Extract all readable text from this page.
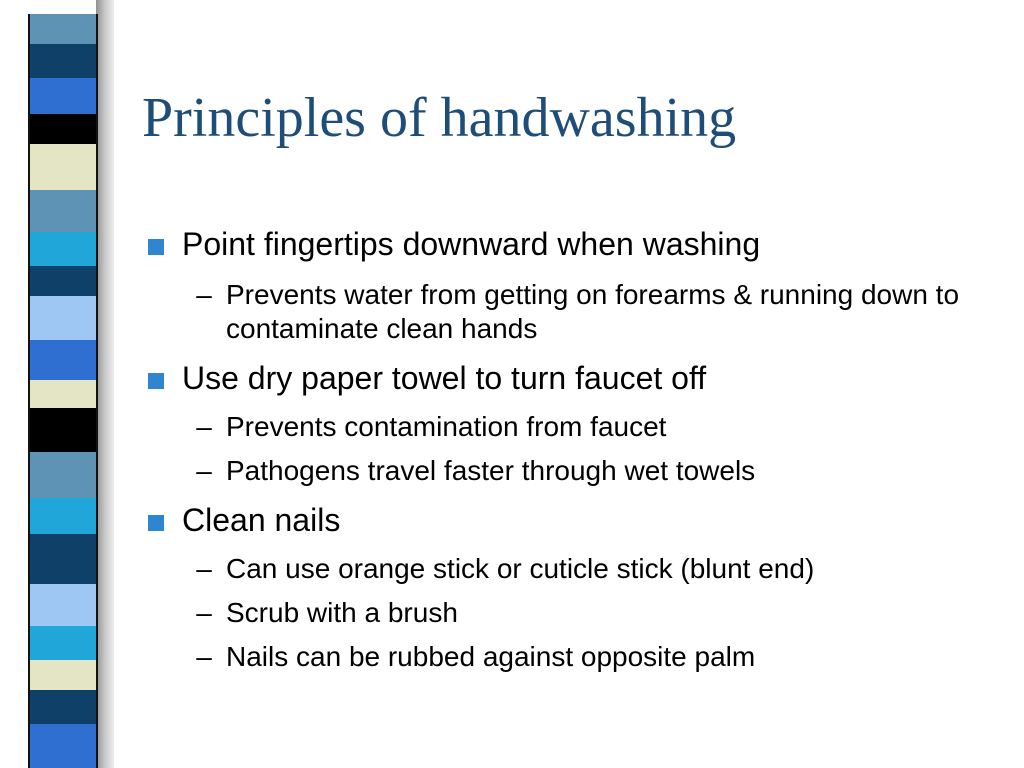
Principles of handwashing

Point fingertips downward when washing

– Prevents water from getting on forearms & running down to contaminate clean hands

Use dry paper towel to turn faucet off

– Prevents contamination from faucet

– Pathogens travel faster through wet towels

Clean nails

– Can use orange stick or cuticle stick (blunt end)

– Scrub with a brush

– Nails can be rubbed against opposite palm
